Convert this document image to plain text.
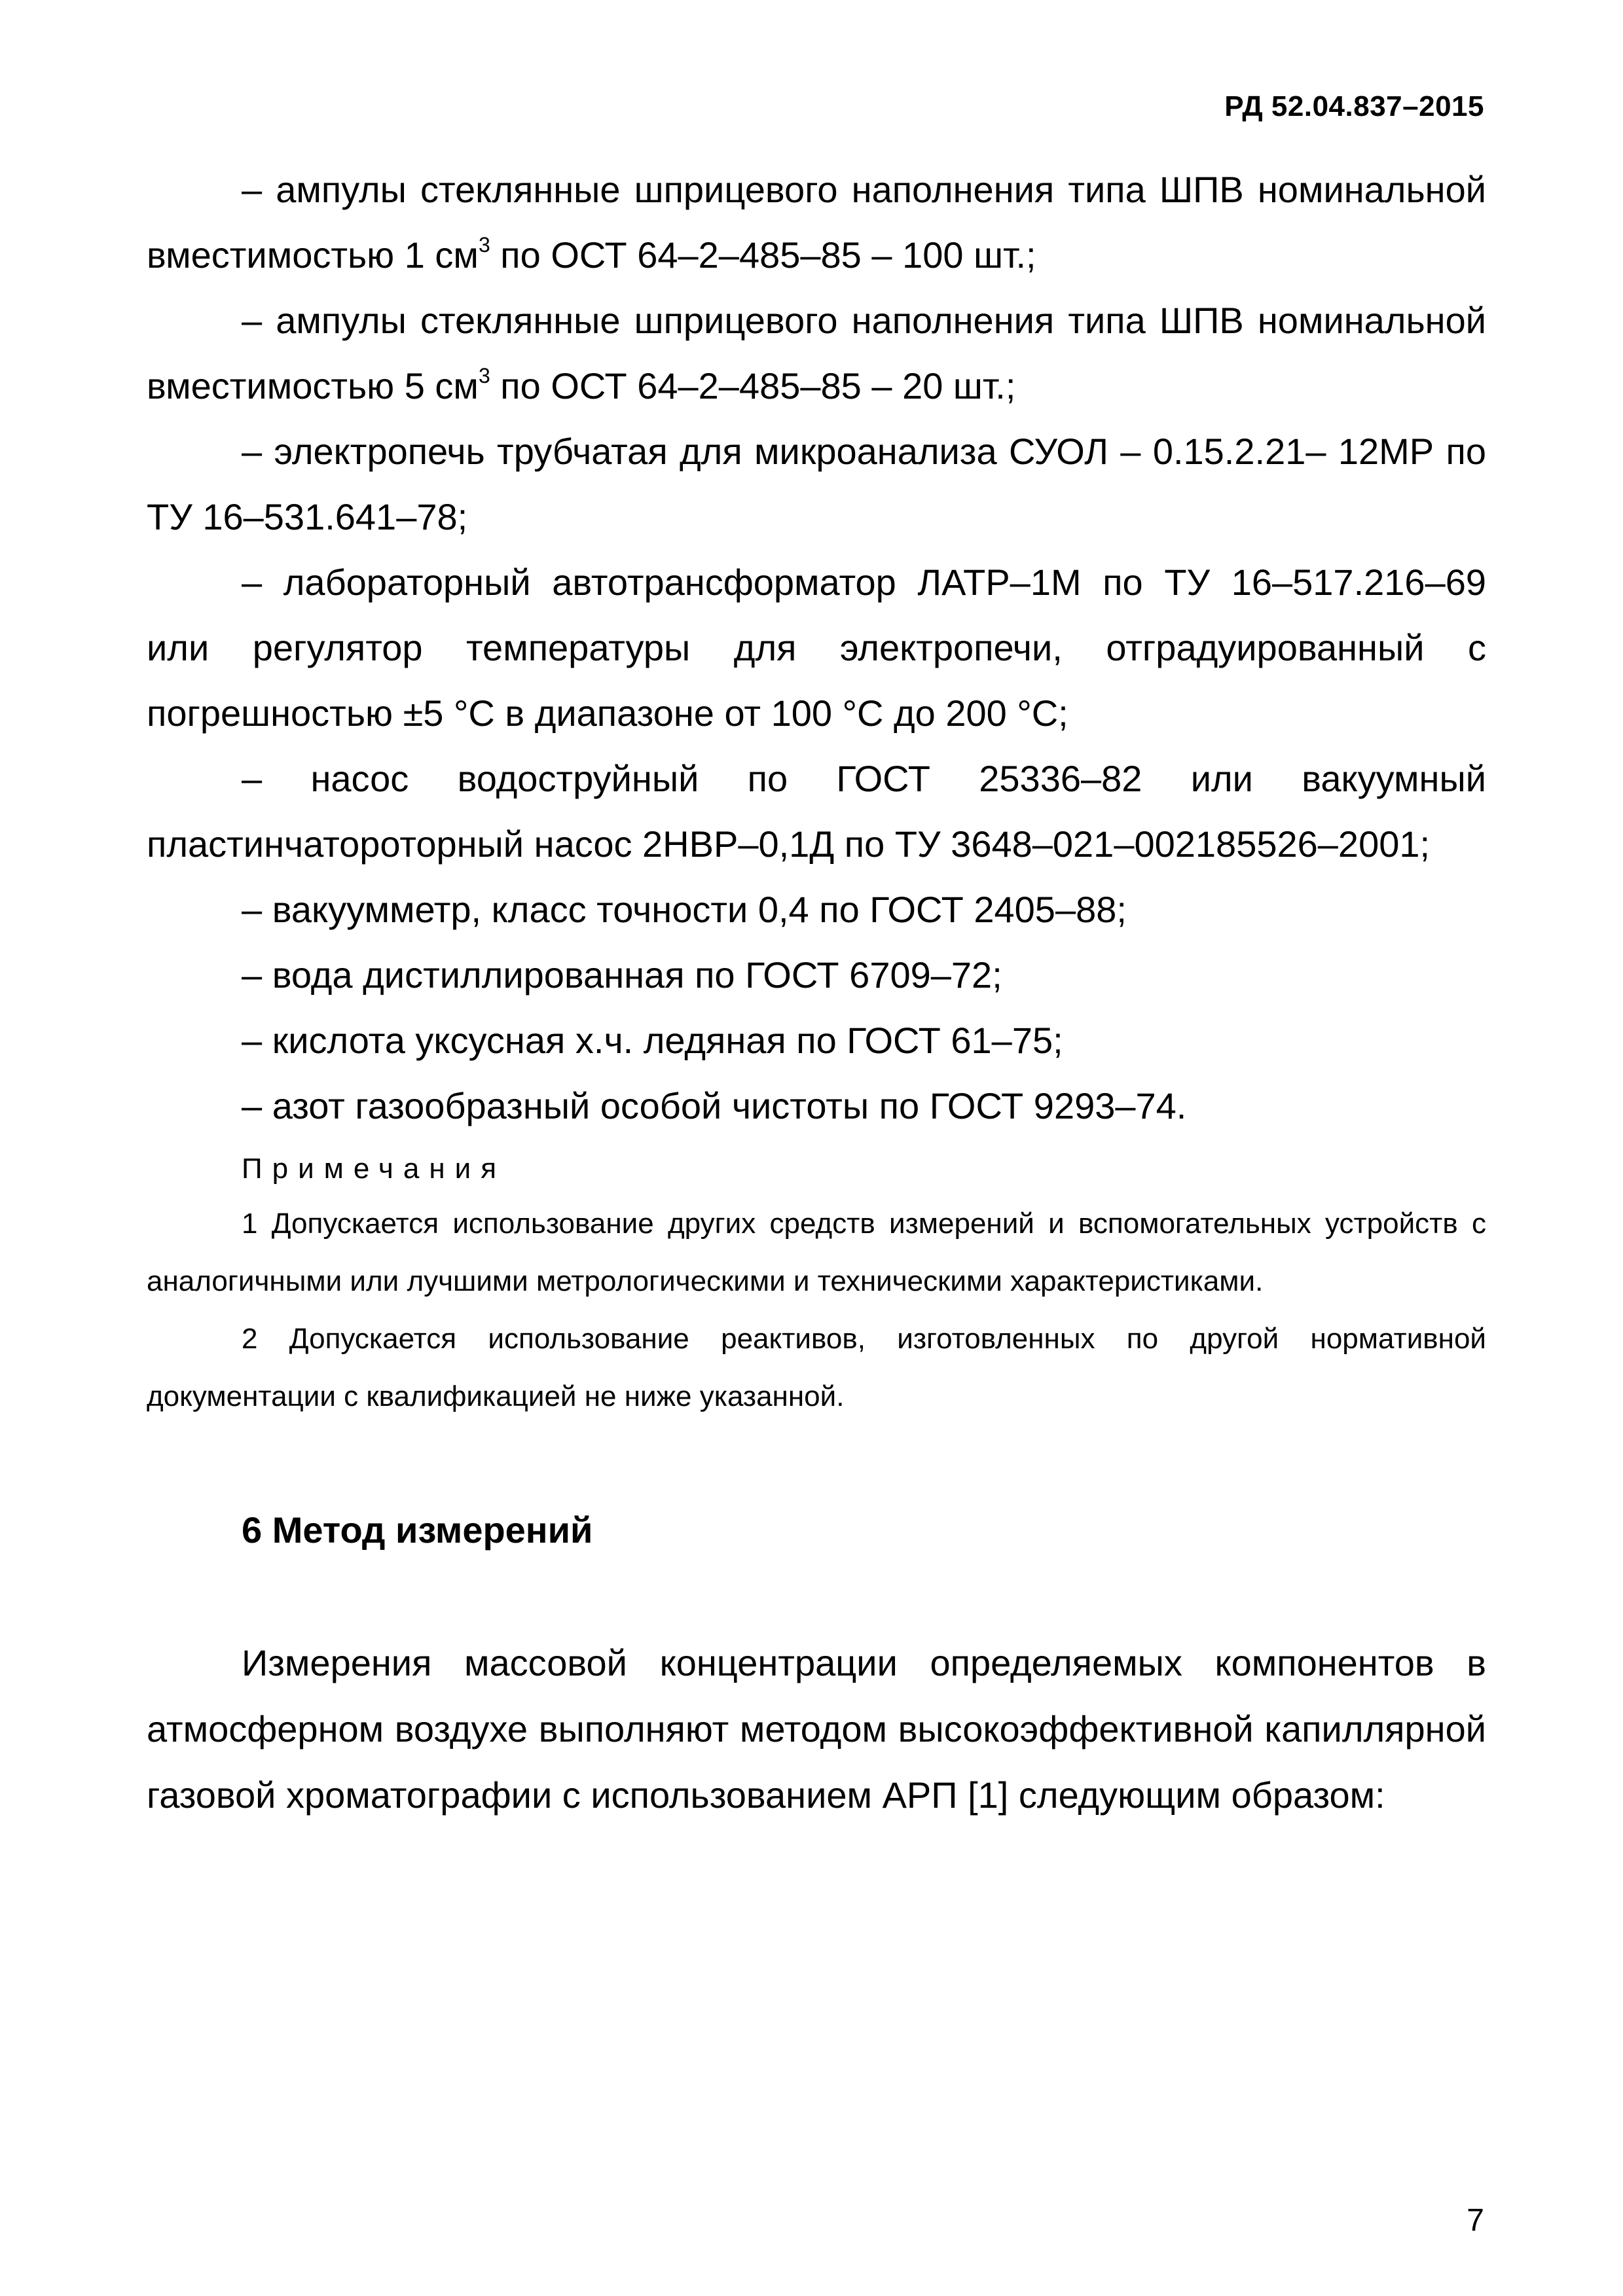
РД 52.04.837–2015

– ампулы стеклянные шприцевого наполнения типа ШПВ номинальной вместимостью 1 $см^3$ по ОСТ 64–2–485–85 – 100 шт.;

– ампулы стеклянные шприцевого наполнения типа ШПВ номинальной вместимостью 5 $см^3$ по ОСТ 64–2–485–85 – 20 шт.;

– электропечь трубчатая для микроанализа СУОЛ – 0.15.2.21– 12МР по ТУ 16–531.641–78;

– лабораторный автотрансформатор ЛАТР–1М по ТУ 16–517.216–69 или регулятор температуры для электропечи, отградуированный с погрешностью ±5 °С в диапазоне от 100 °С до 200 °С;

– насос водоструйный по ГОСТ 25336–82 или вакуумный пластинчатороторный насос 2НВР–0,1Д по ТУ 3648–021–002185526–2001;

– вакуумметр, класс точности 0,4 по ГОСТ 2405–88;

– вода дистиллированная по ГОСТ 6709–72;

– кислота уксусная х.ч. ледяная по ГОСТ 61–75;

– азот газообразный особой чистоты по ГОСТ 9293–74.

Примечания

1 Допускается использование других средств измерений и вспомогательных устройств с аналогичными или лучшими метрологическими и техническими характеристиками.

2 Допускается использование реактивов, изготовленных по другой нормативной документации с квалификацией не ниже указанной.

6 Метод измерений

Измерения массовой концентрации определяемых компонентов в атмосферном воздухе выполняют методом высокоэффективной капиллярной газовой хроматографии с использованием АРП [1] следующим образом:

7
